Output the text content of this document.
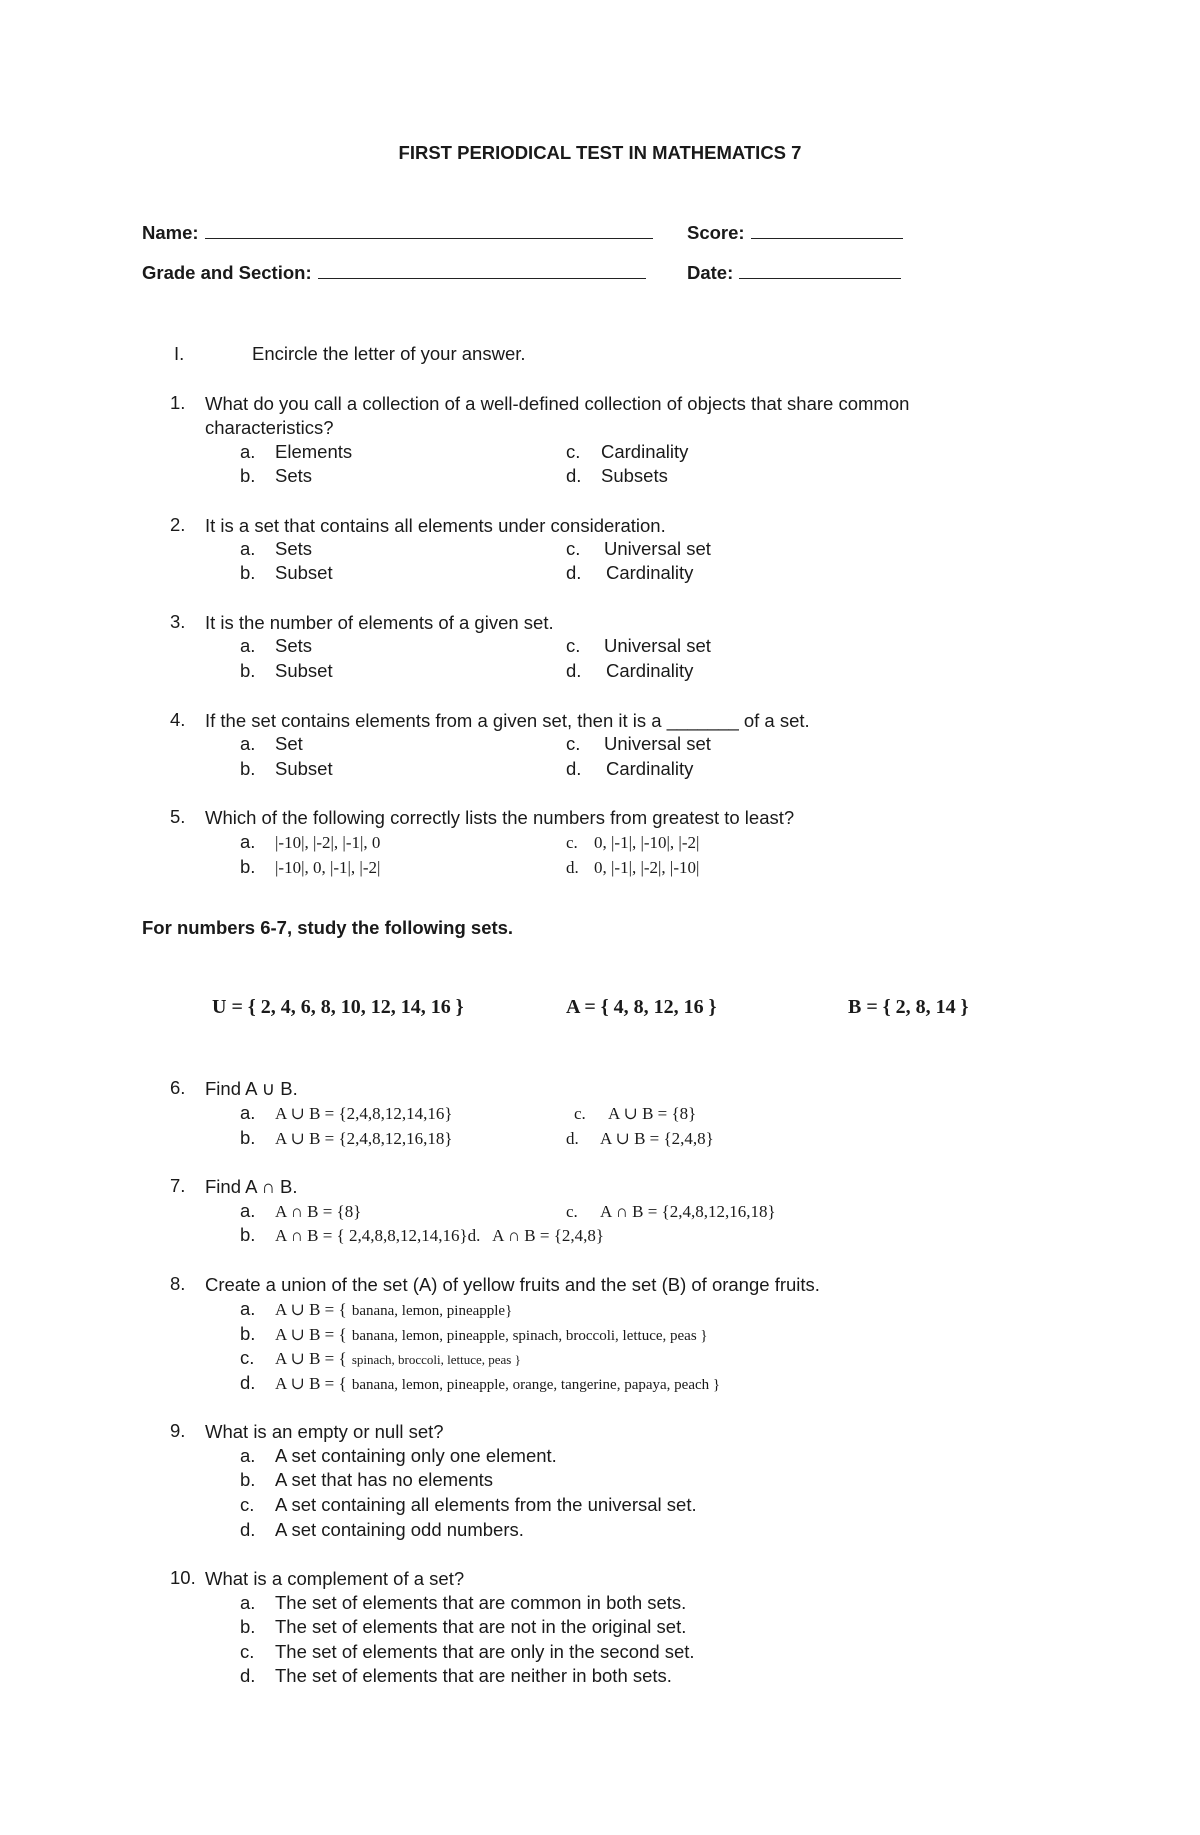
FIRST PERIODICAL TEST IN MATHEMATICS 7
Name:	Score:
Grade and Section:	Date:
I.	Encircle the letter of your answer.
1. What do you call a collection of a well-defined collection of objects that share common
characteristics?
a. Elements	c. Cardinality
b. Sets	d. Subsets
2. It is a set that contains all elements under consideration.
a. Sets	c. Universal set
b. Subset	d. Cardinality
3. It is the number of elements of a given set.
a. Sets	c. Universal set
b. Subset	d. Cardinality
4. If the set contains elements from a given set, then it is a _______ of a set.
a. Set	c. Universal set
b. Subset	d. Cardinality
5. Which of the following correctly lists the numbers from greatest to least?
a. |-10|, |-2|, |-1|, 0	c. 0, |-1|, |-10|, |-2|
b. |-10|, 0, |-1|, |-2|	d. 0, |-1|, |-2|, |-10|
For numbers 6-7, study the following sets.
U = { 2, 4, 6, 8, 10, 12, 14, 16 }	A = { 4, 8, 12, 16 }	B = { 2, 8, 14 }
6. Find A ∪ B.
a. A ∪ B = {2,4,8,12,14,16}	c. A ∪ B = {8}
b. A ∪ B = {2,4,8,12,16,18}	d. A ∪ B = {2,4,8}
7. Find A ∩ B.
a. A ∩ B = {8}	c. A ∩ B = {2,4,8,12,16,18}
b. A ∩ B = { 2,4,8,8,12,14,16}d.   A ∩ B = {2,4,8}
8. Create a union of the set (A) of yellow fruits and the set (B) of orange fruits.
a. A ∪ B = { banana, lemon, pineapple}
b. A ∪ B = { banana, lemon, pineapple, spinach, broccoli, lettuce, peas }
c. A ∪ B = { spinach, broccoli, lettuce, peas }
d. A ∪ B = { banana, lemon, pineapple, orange, tangerine, papaya, peach }
9. What is an empty or null set?
a. A set containing only one element.
b. A set that has no elements
c. A set containing all elements from the universal set.
d. A set containing odd numbers.
10. What is a complement of a set?
a. The set of elements that are common in both sets.
b. The set of elements that are not in the original set.
c. The set of elements that are only in the second set.
d. The set of elements that are neither in both sets.
